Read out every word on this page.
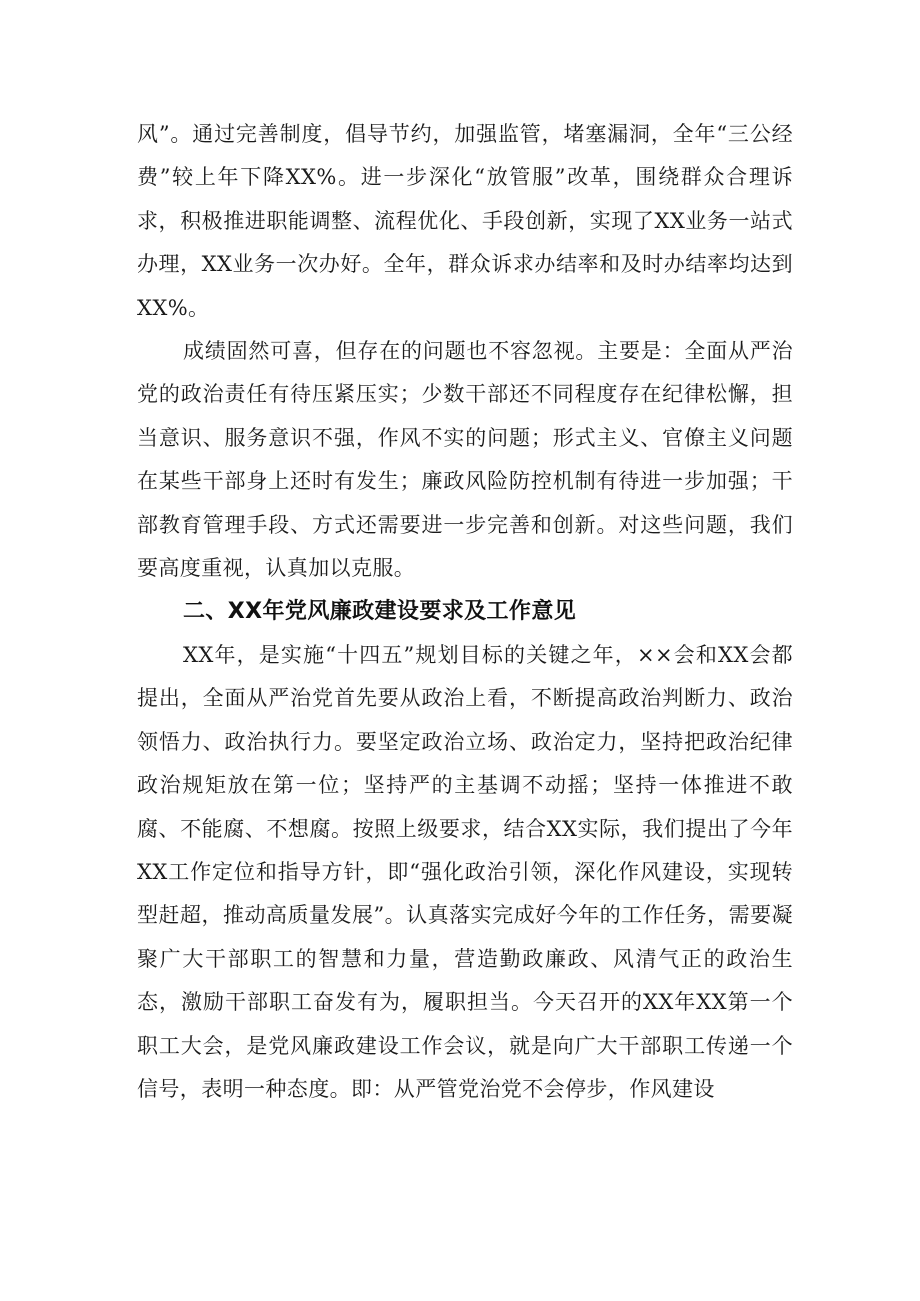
风”。通过完善制度，倡导节约，加强监管，堵塞漏洞，全年“三公经费”较上年下降XX%。进一步深化“放管服”改革，围绕群众合理诉求，积极推进职能调整、流程优化、手段创新，实现了XX业务一站式办理，XX业务一次办好。全年，群众诉求办结率和及时办结率均达到XX%。

成绩固然可喜，但存在的问题也不容忽视。主要是：全面从严治党的政治责任有待压紧压实；少数干部还不同程度存在纪律松懈，担当意识、服务意识不强，作风不实的问题；形式主义、官僚主义问题在某些干部身上还时有发生；廉政风险防控机制有待进一步加强；干部教育管理手段、方式还需要进一步完善和创新。对这些问题，我们要高度重视，认真加以克服。

二、XX年党风廉政建设要求及工作意见

XX年，是实施“十四五”规划目标的关键之年，××会和XX会都提出，全面从严治党首先要从政治上看，不断提高政治判断力、政治领悟力、政治执行力。要坚定政治立场、政治定力，坚持把政治纪律政治规矩放在第一位；坚持严的主基调不动摇；坚持一体推进不敢腐、不能腐、不想腐。按照上级要求，结合XX实际，我们提出了今年XX工作定位和指导方针，即“强化政治引领，深化作风建设，实现转型赶超，推动高质量发展”。认真落实完成好今年的工作任务，需要凝聚广大干部职工的智慧和力量，营造勤政廉政、风清气正的政治生态，激励干部职工奋发有为，履职担当。今天召开的XX年XX第一个职工大会，是党风廉政建设工作会议，就是向广大干部职工传递一个信号，表明一种态度。即：从严管党治党不会停步，作风建设
